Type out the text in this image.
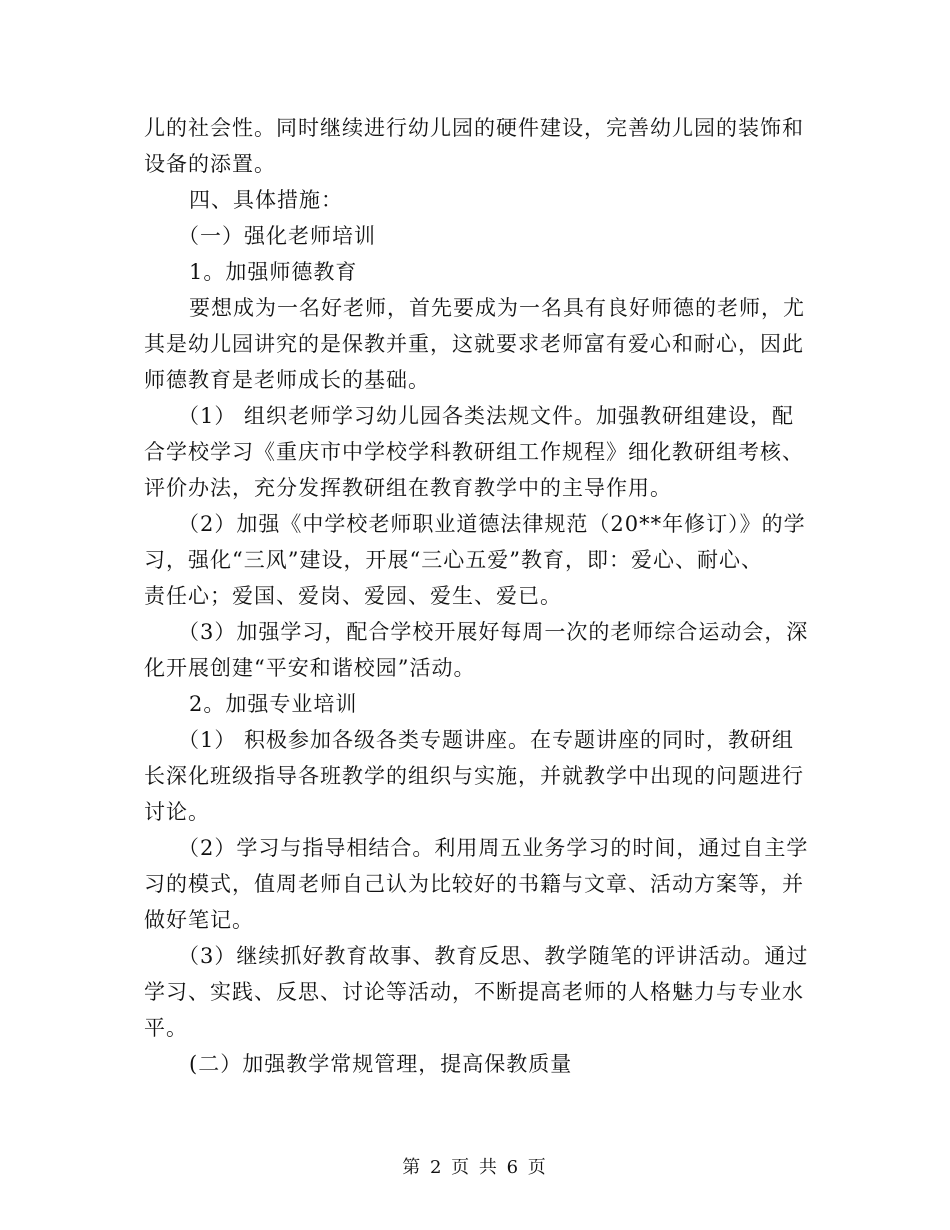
儿的社会性。同时继续进行幼儿园的硬件建设，完善幼儿园的装饰和
设备的添置。
四、具体措施：
（一）强化老师培训
1。加强师德教育
要想成为一名好老师，首先要成为一名具有良好师德的老师，尤
其是幼儿园讲究的是保教并重，这就要求老师富有爱心和耐心，因此
师德教育是老师成长的基础。
（1） 组织老师学习幼儿园各类法规文件。加强教研组建设，配
合学校学习《重庆市中学校学科教研组工作规程》细化教研组考核、
评价办法，充分发挥教研组在教育教学中的主导作用。
（2）加强《中学校老师职业道德法律规范（20**年修订）》的学
习，强化“三风”建设，开展“三心五爱”教育，即：爱心、耐心、
责任心；爱国、爱岗、爱园、爱生、爱已。
（3）加强学习，配合学校开展好每周一次的老师综合运动会，深
化开展创建“平安和谐校园”活动。
2。加强专业培训
（1） 积极参加各级各类专题讲座。在专题讲座的同时，教研组
长深化班级指导各班教学的组织与实施，并就教学中出现的问题进行
讨论。
（2）学习与指导相结合。利用周五业务学习的时间，通过自主学
习的模式，值周老师自己认为比较好的书籍与文章、活动方案等，并
做好笔记。
（3）继续抓好教育故事、教育反思、教学随笔的评讲活动。通过
学习、实践、反思、讨论等活动，不断提高老师的人格魅力与专业水
平。
(二）加强教学常规管理，提高保教质量
第 2 页 共 6 页
